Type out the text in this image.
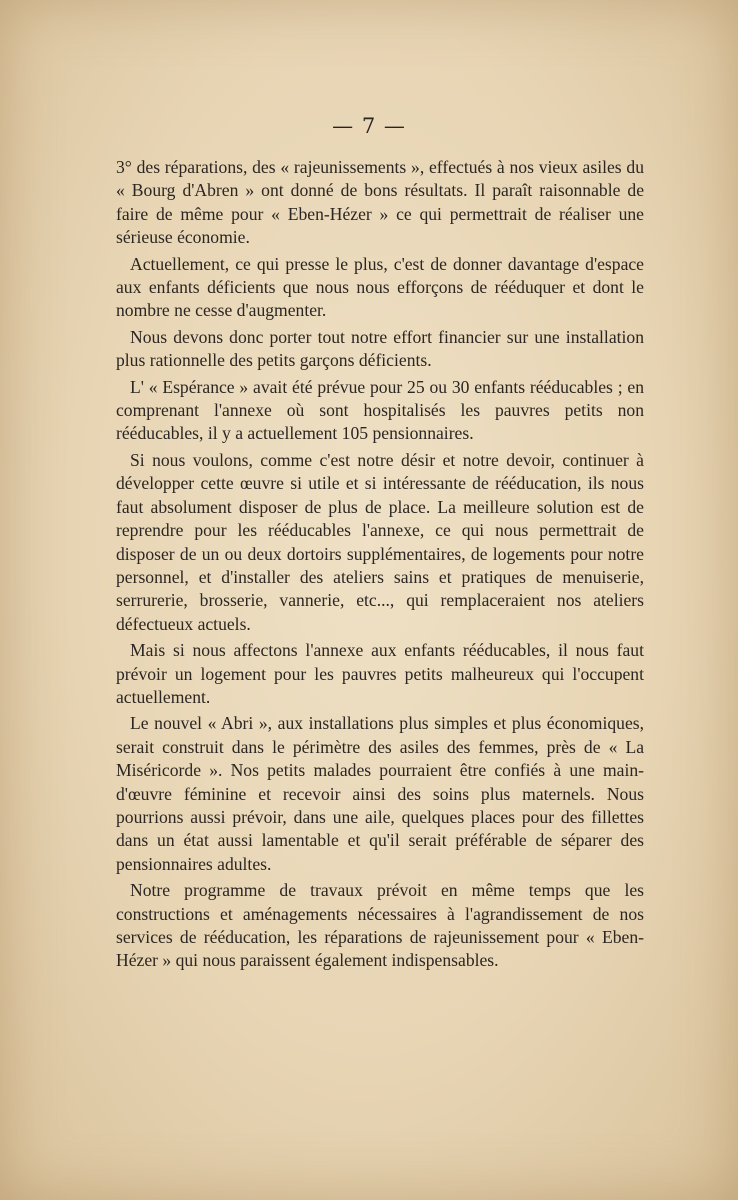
— 7 —

3° des réparations, des « rajeunissements », effectués à nos vieux asiles du « Bourg d'Abren » ont donné de bons résultats. Il paraît raisonnable de faire de même pour « Eben-Hézer » ce qui permettrait de réaliser une sérieuse économie.

Actuellement, ce qui presse le plus, c'est de donner davantage d'espace aux enfants déficients que nous nous efforçons de rééduquer et dont le nombre ne cesse d'augmenter.

Nous devons donc porter tout notre effort financier sur une installation plus rationnelle des petits garçons déficients.

L' « Espérance » avait été prévue pour 25 ou 30 enfants rééducables ; en comprenant l'annexe où sont hospitalisés les pauvres petits non rééducables, il y a actuellement 105 pensionnaires.

Si nous voulons, comme c'est notre désir et notre devoir, continuer à développer cette œuvre si utile et si intéressante de rééducation, ils nous faut absolument disposer de plus de place. La meilleure solution est de reprendre pour les rééducables l'annexe, ce qui nous permettrait de disposer de un ou deux dortoirs supplémentaires, de logements pour notre personnel, et d'installer des ateliers sains et pratiques de menuiserie, serrurerie, brosserie, vannerie, etc..., qui remplaceraient nos ateliers défectueux actuels.

Mais si nous affectons l'annexe aux enfants rééducables, il nous faut prévoir un logement pour les pauvres petits malheureux qui l'occupent actuellement.

Le nouvel « Abri », aux installations plus simples et plus économiques, serait construit dans le périmètre des asiles des femmes, près de « La Miséricorde ». Nos petits malades pourraient être confiés à une main-d'œuvre féminine et recevoir ainsi des soins plus maternels. Nous pourrions aussi prévoir, dans une aile, quelques places pour des fillettes dans un état aussi lamentable et qu'il serait préférable de séparer des pensionnaires adultes.

Notre programme de travaux prévoit en même temps que les constructions et aménagements nécessaires à l'agrandissement de nos services de rééducation, les réparations de rajeunissement pour « Eben-Hézer » qui nous paraissent également indispensables.
